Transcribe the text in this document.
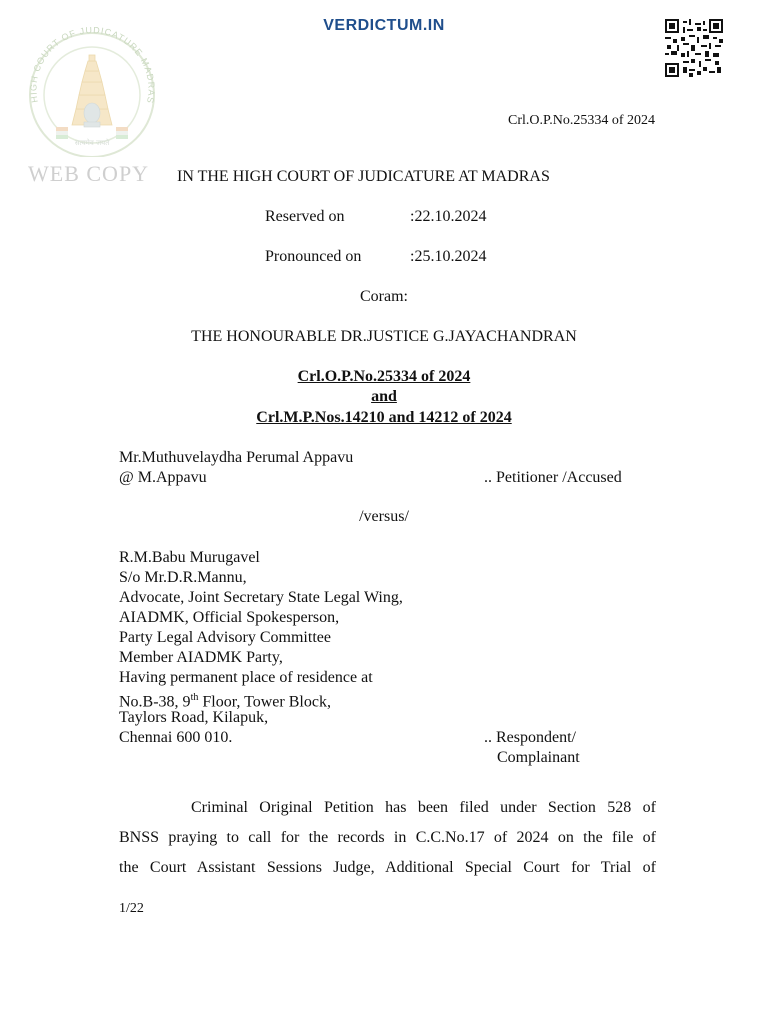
VERDICTUM.IN
HIGH COURT OF JUDICATURE MADRAS
सत्यमेव जयते
WEB COPY
Crl.O.P.No.25334 of 2024
IN THE HIGH COURT OF JUDICATURE AT MADRAS
Reserved on	:22.10.2024
Pronounced on	:25.10.2024
Coram:
THE HONOURABLE DR.JUSTICE G.JAYACHANDRAN
Crl.O.P.No.25334 of 2024
and
Crl.M.P.Nos.14210 and 14212 of 2024
Mr.Muthuvelaydha Perumal Appavu
@ M.Appavu	.. Petitioner /Accused
/versus/
R.M.Babu Murugavel
S/o Mr.D.R.Mannu,
Advocate, Joint Secretary State Legal Wing,
AIADMK, Official Spokesperson,
Party Legal Advisory Committee
Member AIADMK Party,
Having permanent place of residence at
No.B-38, 9th Floor, Tower Block,
Taylors Road, Kilapuk,
Chennai 600 010.	.. Respondent/
Complainant
Criminal Original Petition has been filed under Section 528 of
BNSS praying to call for the records in C.C.No.17 of 2024 on the file of
the Court Assistant Sessions Judge, Additional Special Court for Trial of
1/22
